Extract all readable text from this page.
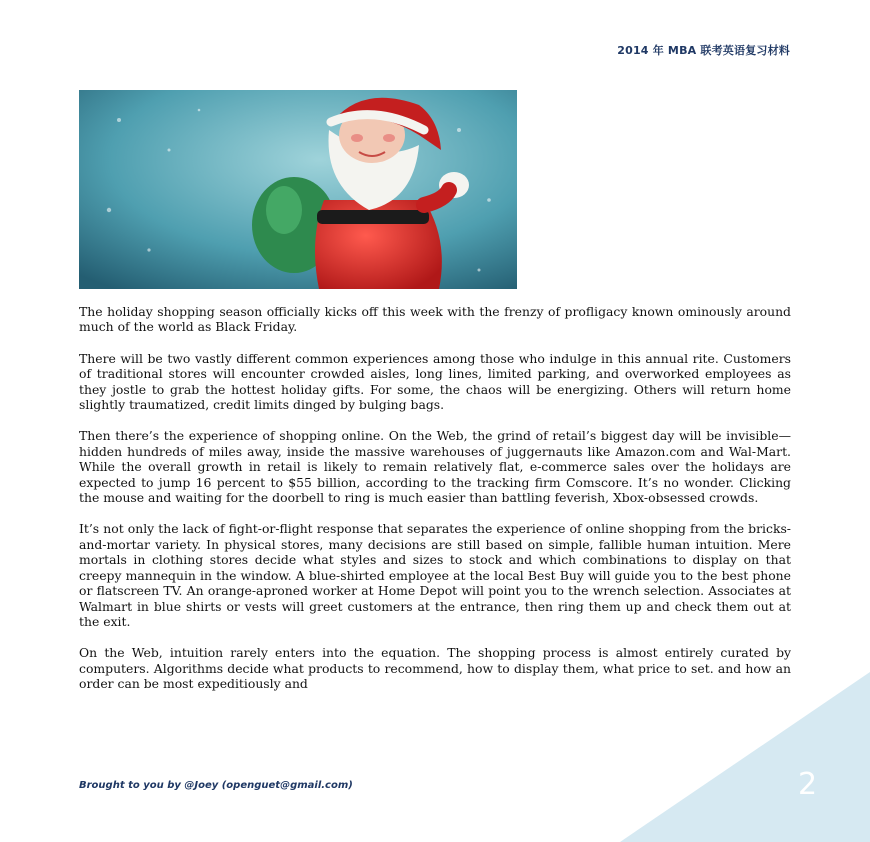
2014 年 MBA 联考英语复习材料

The holiday shopping season officially kicks off this week with the frenzy of profligacy known ominously around much of the world as Black Friday.

There will be two vastly different common experiences among those who indulge in this annual rite. Customers of traditional stores will encounter crowded aisles, long lines, limited parking, and overworked employees as they jostle to grab the hottest holiday gifts. For some, the chaos will be energizing. Others will return home slightly traumatized, credit limits dinged by bulging bags.

Then there’s the experience of shopping online. On the Web, the grind of retail’s biggest day will be invisible—hidden hundreds of miles away, inside the massive warehouses of juggernauts like Amazon.com and Wal-Mart. While the overall growth in retail is likely to remain relatively flat, e-commerce sales over the holidays are expected to jump 16 percent to $55 billion, according to the tracking firm Comscore. It’s no wonder. Clicking the mouse and waiting for the doorbell to ring is much easier than battling feverish, Xbox-obsessed crowds.

It’s not only the lack of fight-or-flight response that separates the experience of online shopping from the bricks-and-mortar variety. In physical stores, many decisions are still based on simple, fallible human intuition. Mere mortals in clothing stores decide what styles and sizes to stock and which combinations to display on that creepy mannequin in the window. A blue-shirted employee at the local Best Buy will guide you to the best phone or flatscreen TV. An orange-aproned worker at Home Depot will point you to the wrench selection. Associates at Walmart in blue shirts or vests will greet customers at the entrance, then ring them up and check them out at the exit.

On the Web, intuition rarely enters into the equation. The shopping process is almost entirely curated by computers. Algorithms decide what products to recommend, how to display them, what price to set. and how an order can be most expeditiously and

Brought to you by @Joey (openguet@gmail.com)	2
